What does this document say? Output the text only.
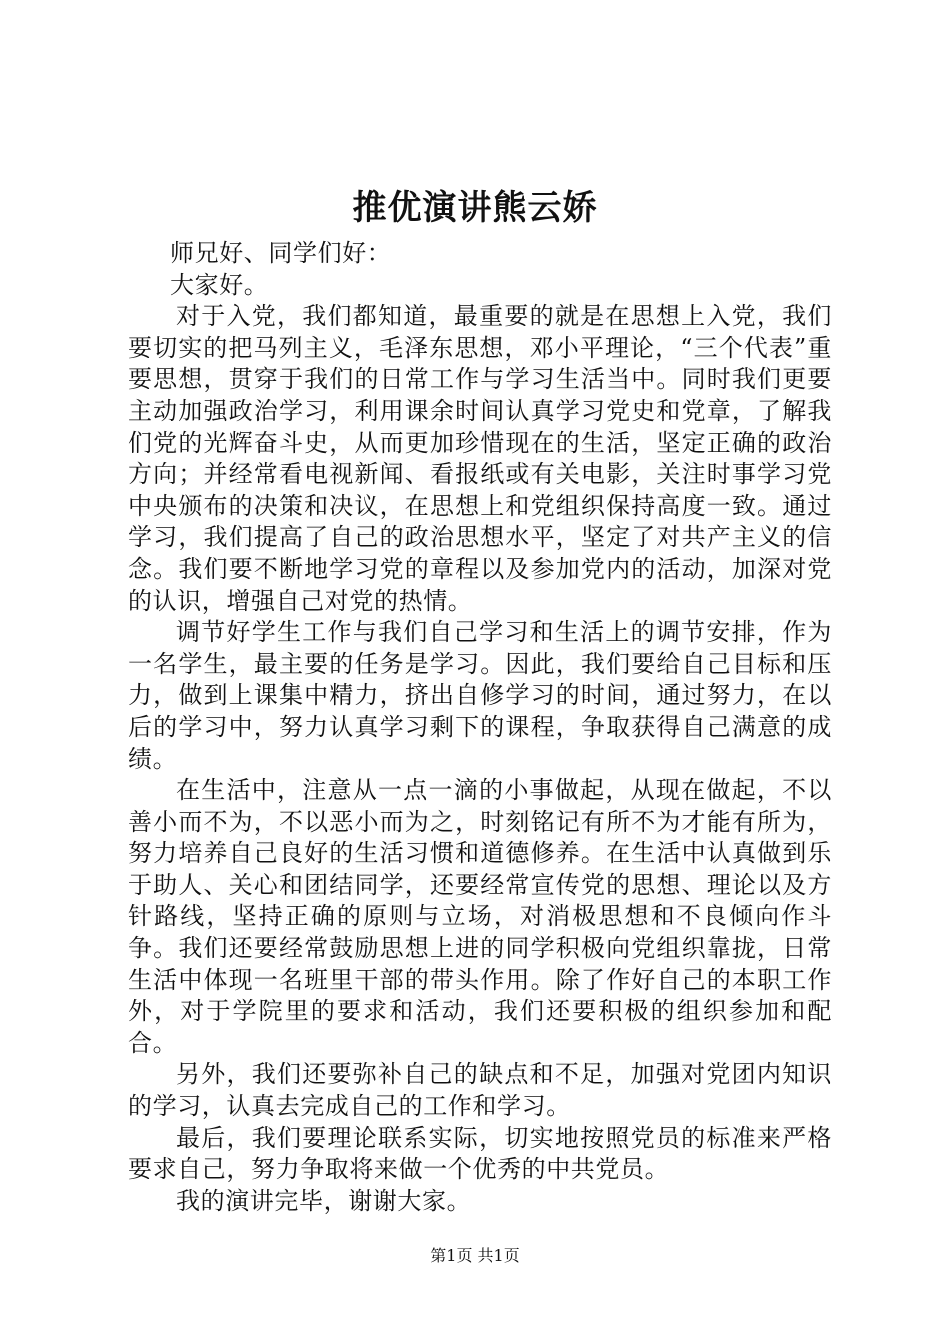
推优演讲熊云娇

师兄好、同学们好：

大家好。

对于入党，我们都知道，最重要的就是在思想上入党，我们要切实的把马列主义，毛泽东思想，邓小平理论，“三个代表”重要思想，贯穿于我们的日常工作与学习生活当中。同时我们更要主动加强政治学习，利用课余时间认真学习党史和党章，了解我们党的光辉奋斗史，从而更加珍惜现在的生活，坚定正确的政治方向；并经常看电视新闻、看报纸或有关电影，关注时事学习党中央颁布的决策和决议，在思想上和党组织保持高度一致。通过学习，我们提高了自己的政治思想水平，坚定了对共产主义的信念。我们要不断地学习党的章程以及参加党内的活动，加深对党的认识，增强自己对党的热情。

调节好学生工作与我们自己学习和生活上的调节安排，作为一名学生，最主要的任务是学习。因此，我们要给自己目标和压力，做到上课集中精力，挤出自修学习的时间，通过努力，在以后的学习中，努力认真学习剩下的课程，争取获得自己满意的成绩。

在生活中，注意从一点一滴的小事做起，从现在做起，不以善小而不为，不以恶小而为之，时刻铭记有所不为才能有所为，努力培养自己良好的生活习惯和道德修养。在生活中认真做到乐于助人、关心和团结同学，还要经常宣传党的思想、理论以及方针路线，坚持正确的原则与立场，对消极思想和不良倾向作斗争。我们还要经常鼓励思想上进的同学积极向党组织靠拢，日常生活中体现一名班里干部的带头作用。除了作好自己的本职工作外，对于学院里的要求和活动，我们还要积极的组织参加和配合。

另外，我们还要弥补自己的缺点和不足，加强对党团内知识的学习，认真去完成自己的工作和学习。

最后，我们要理论联系实际，切实地按照党员的标准来严格要求自己，努力争取将来做一个优秀的中共党员。

我的演讲完毕，谢谢大家。

第1页 共1页
